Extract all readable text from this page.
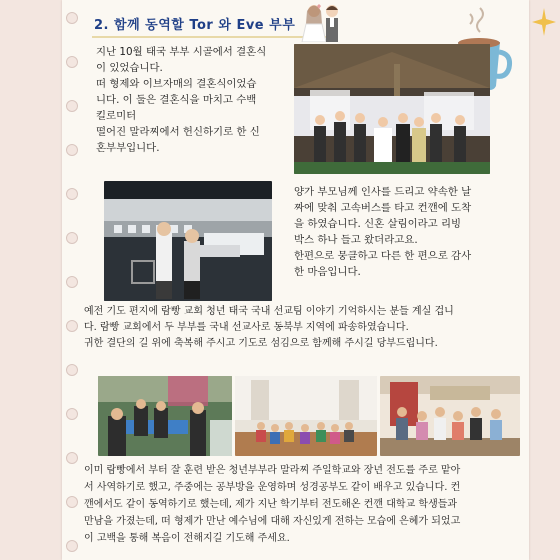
2. 함께 동역할 Tor 와 Eve 부부
지난 10월 태국 부부 시골에서 결혼식
이 있었습니다.
떠 형제와 이브자매의 결혼식이었습
니다. 이 둘은 결혼식을 마치고 수백
킬로미터
떨어진 말라찌에서 헌신하기로 한 신
혼부부입니다.
양가 부모님께 인사를 드리고 약속한 날
짜에 맞춰 고속버스를 타고 컨깬에 도착
을 하였습니다. 신혼 살림이라고 리빙
박스 하나 들고 왔더라고요.
한편으로 뭉클하고 다른 한 편으로 감사
한 마음입니다.
예전 기도 편지에 람빵 교회 청년 태국 국내 선교팀 이야기 기억하시는 분들 계실 겁니
다. 람빵 교회에서 두 부부를 국내 선교사로 동북부 지역에 파송하였습니다.
귀한 결단의 길 위에 축복해 주시고 기도로 섬김으로 함께해 주시길 당부드립니다.
이미 람빵에서 부터 잘 훈련 받은 청년부부라 말라찌 주일학교와 장년 전도를 주로 맡아
서 사역하기로 했고, 주중에는 공부방을 운영하며 성경공부도 같이 배우고 있습니다. 컨
깬에서도 같이 동역하기로 했는데, 제가 지난 학기부터 전도해온 컨깬 대학교 학생들과
만남을 가졌는데, 떠 형제가 만난 예수님에 대해 자신있게 전하는 모습에 은혜가 되었고
이 고백을 통해 복음이 전해지길 기도해 주세요.
